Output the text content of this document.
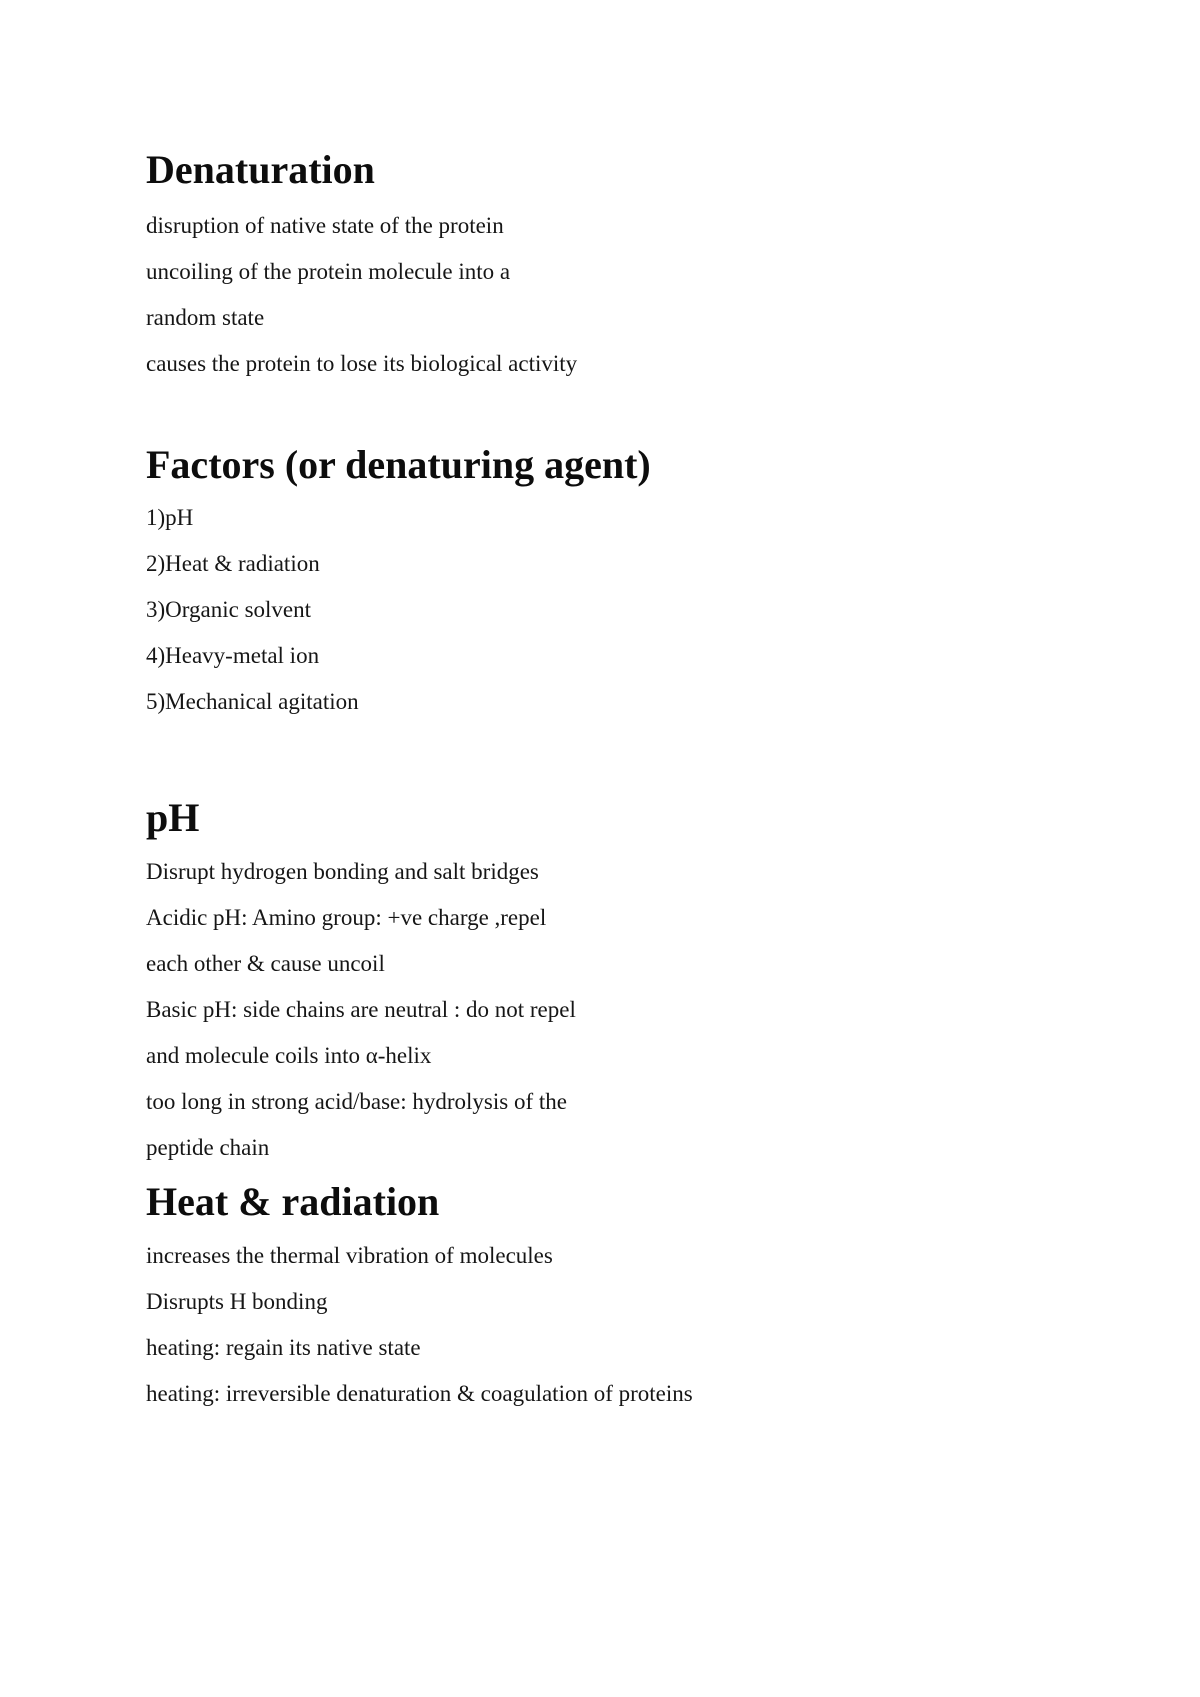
Denaturation

disruption of native state of the protein

uncoiling of the protein molecule into a

random state

causes the protein to lose its biological activity

Factors (or denaturing agent)

1)pH

2)Heat & radiation

3)Organic solvent

4)Heavy-metal ion

5)Mechanical agitation

pH

Disrupt hydrogen bonding and salt bridges

Acidic pH: Amino group: +ve charge ,repel

each other & cause uncoil

Basic pH: side chains are neutral : do not repel

and molecule coils into α-helix

too long in strong acid/base: hydrolysis of the

peptide chain

Heat & radiation

increases the thermal vibration of molecules

Disrupts H bonding

heating: regain its native state

heating: irreversible denaturation & coagulation of proteins
